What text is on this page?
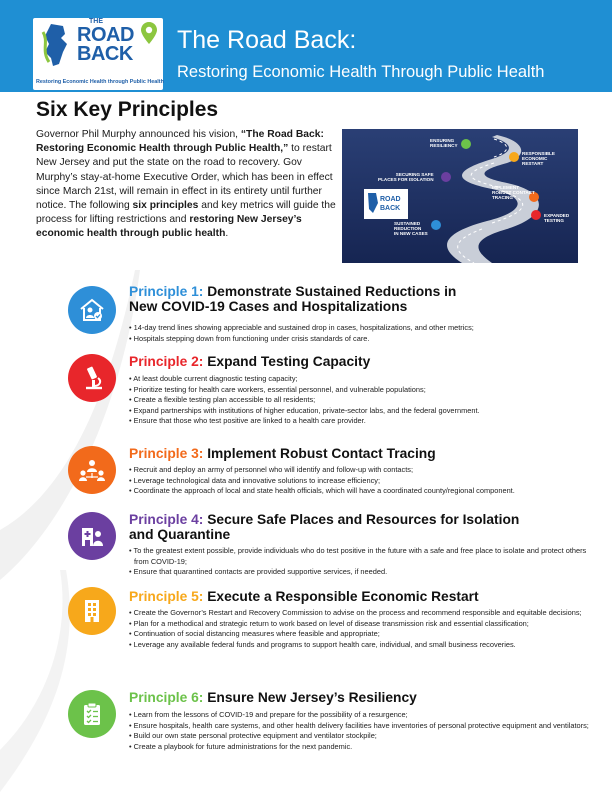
THE
ROAD
BACK
Restoring Economic Health through Public Health
The Road Back:
Restoring Economic Health Through Public Health
Six Key Principles
Governor Phil Murphy announced his vision, “The Road Back: Restoring Economic Health through Public Health,” to restart New Jersey and put the state on the road to recovery. Gov Murphy’s stay-at-home Executive Order, which has been in effect since March 21st, will remain in effect in its entirety until further notice. The following six principles and key metrics will guide the process for lifting restrictions and restoring New Jersey’s economic health through public health.
ROAD
BACK
ENSURING
RESILIENCY
RESPONSIBLE
ECONOMIC
RESTART
SECURING SAFE
PLACES FOR ISOLATION
IMPLEMENT
ROBUST CONTACT
TRACING
SUSTAINED
REDUCTION
IN NEW CASES
EXPANDED
TESTING
Principle 1: Demonstrate Sustained Reductions in
New COVID-19 Cases and Hospitalizations
• 14-day trend lines showing appreciable and sustained drop in cases, hospitalizations, and other metrics;
• Hospitals stepping down from functioning under crisis standards of care.
Principle 2: Expand Testing Capacity
• At least double current diagnostic testing capacity;
• Prioritize testing for health care workers, essential personnel, and vulnerable populations;
• Create a flexible testing plan accessible to all residents;
• Expand partnerships with institutions of higher education, private-sector labs, and the federal government.
• Ensure that those who test positive are linked to a health care provider.
Principle 3: Implement Robust Contact Tracing
• Recruit and deploy an army of personnel who will identify and follow-up with contacts;
• Leverage technological data and innovative solutions to increase efficiency;
• Coordinate the approach of local and state health officials, which will have a coordinated county/regional component.
Principle 4: Secure Safe Places and Resources for Isolation
and Quarantine
• To the greatest extent possible, provide individuals who do test positive in the future with a safe and free place to isolate and protect others from COVID-19;
• Ensure that quarantined contacts are provided supportive services, if needed.
Principle 5: Execute a Responsible Economic Restart
• Create the Governor’s Restart and Recovery Commission to advise on the process and recommend responsible and equitable decisions;
• Plan for a methodical and strategic return to work based on level of disease transmission risk and essential classification;
• Continuation of social distancing measures where feasible and appropriate;
• Leverage any available federal funds and programs to support health care, individual, and small business recoveries.
Principle 6: Ensure New Jersey’s Resiliency
• Learn from the lessons of COVID-19 and prepare for the possibility of a resurgence;
• Ensure hospitals, health care systems, and other health delivery facilities have inventories of personal protective equipment and ventilators;
• Build our own state personal protective equipment and ventilator stockpile;
• Create a playbook for future administrations for the next pandemic.
